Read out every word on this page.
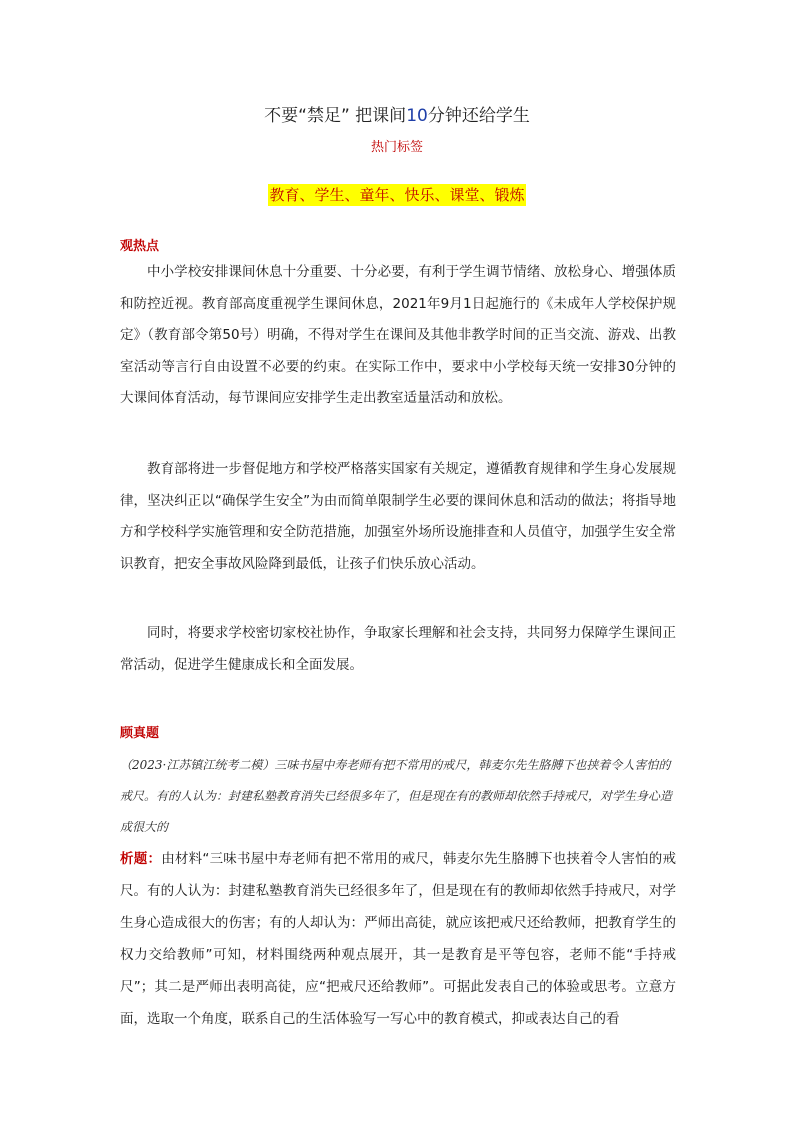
不要“禁足” 把课间10分钟还给学生
热门标签
教育、学生、童年、快乐、课堂、锻炼
观热点

中小学校安排课间休息十分重要、十分必要，有利于学生调节情绪、放松身心、增强体质和防控近视。教育部高度重视学生课间休息，2021年9月1日起施行的《未成年人学校保护规定》（教育部令第50号）明确，不得对学生在课间及其他非教学时间的正当交流、游戏、出教室活动等言行自由设置不必要的约束。在实际工作中，要求中小学校每天统一安排30分钟的大课间体育活动，每节课间应安排学生走出教室适量活动和放松。

教育部将进一步督促地方和学校严格落实国家有关规定，遵循教育规律和学生身心发展规律，坚决纠正以“确保学生安全”为由而简单限制学生必要的课间休息和活动的做法；将指导地方和学校科学实施管理和安全防范措施，加强室外场所设施排查和人员值守，加强学生安全常识教育，把安全事故风险降到最低，让孩子们快乐放心活动。

同时，将要求学校密切家校社协作，争取家长理解和社会支持，共同努力保障学生课间正常活动，促进学生健康成长和全面发展。

顾真题

（2023·江苏镇江统考二模）三味书屋中寿老师有把不常用的戒尺，韩麦尔先生胳膊下也挟着令人害怕的戒尺。有的人认为：封建私塾教育消失已经很多年了，但是现在有的教师却依然手持戒尺，对学生身心造成很大的

析题：由材料“三味书屋中寿老师有把不常用的戒尺，韩麦尔先生胳膊下也挟着令人害怕的戒尺。有的人认为：封建私塾教育消失已经很多年了，但是现在有的教师却依然手持戒尺，对学生身心造成很大的伤害；有的人却认为：严师出高徒，就应该把戒尺还给教师，把教育学生的权力交给教师”可知，材料围绕两种观点展开，其一是教育是平等包容，老师不能“手持戒尺”；其二是严师出表明高徒，应“把戒尺还给教师”。可据此发表自己的体验或思考。立意方面，选取一个角度，联系自己的生活体验写一写心中的教育模式，抑或表达自己的看
